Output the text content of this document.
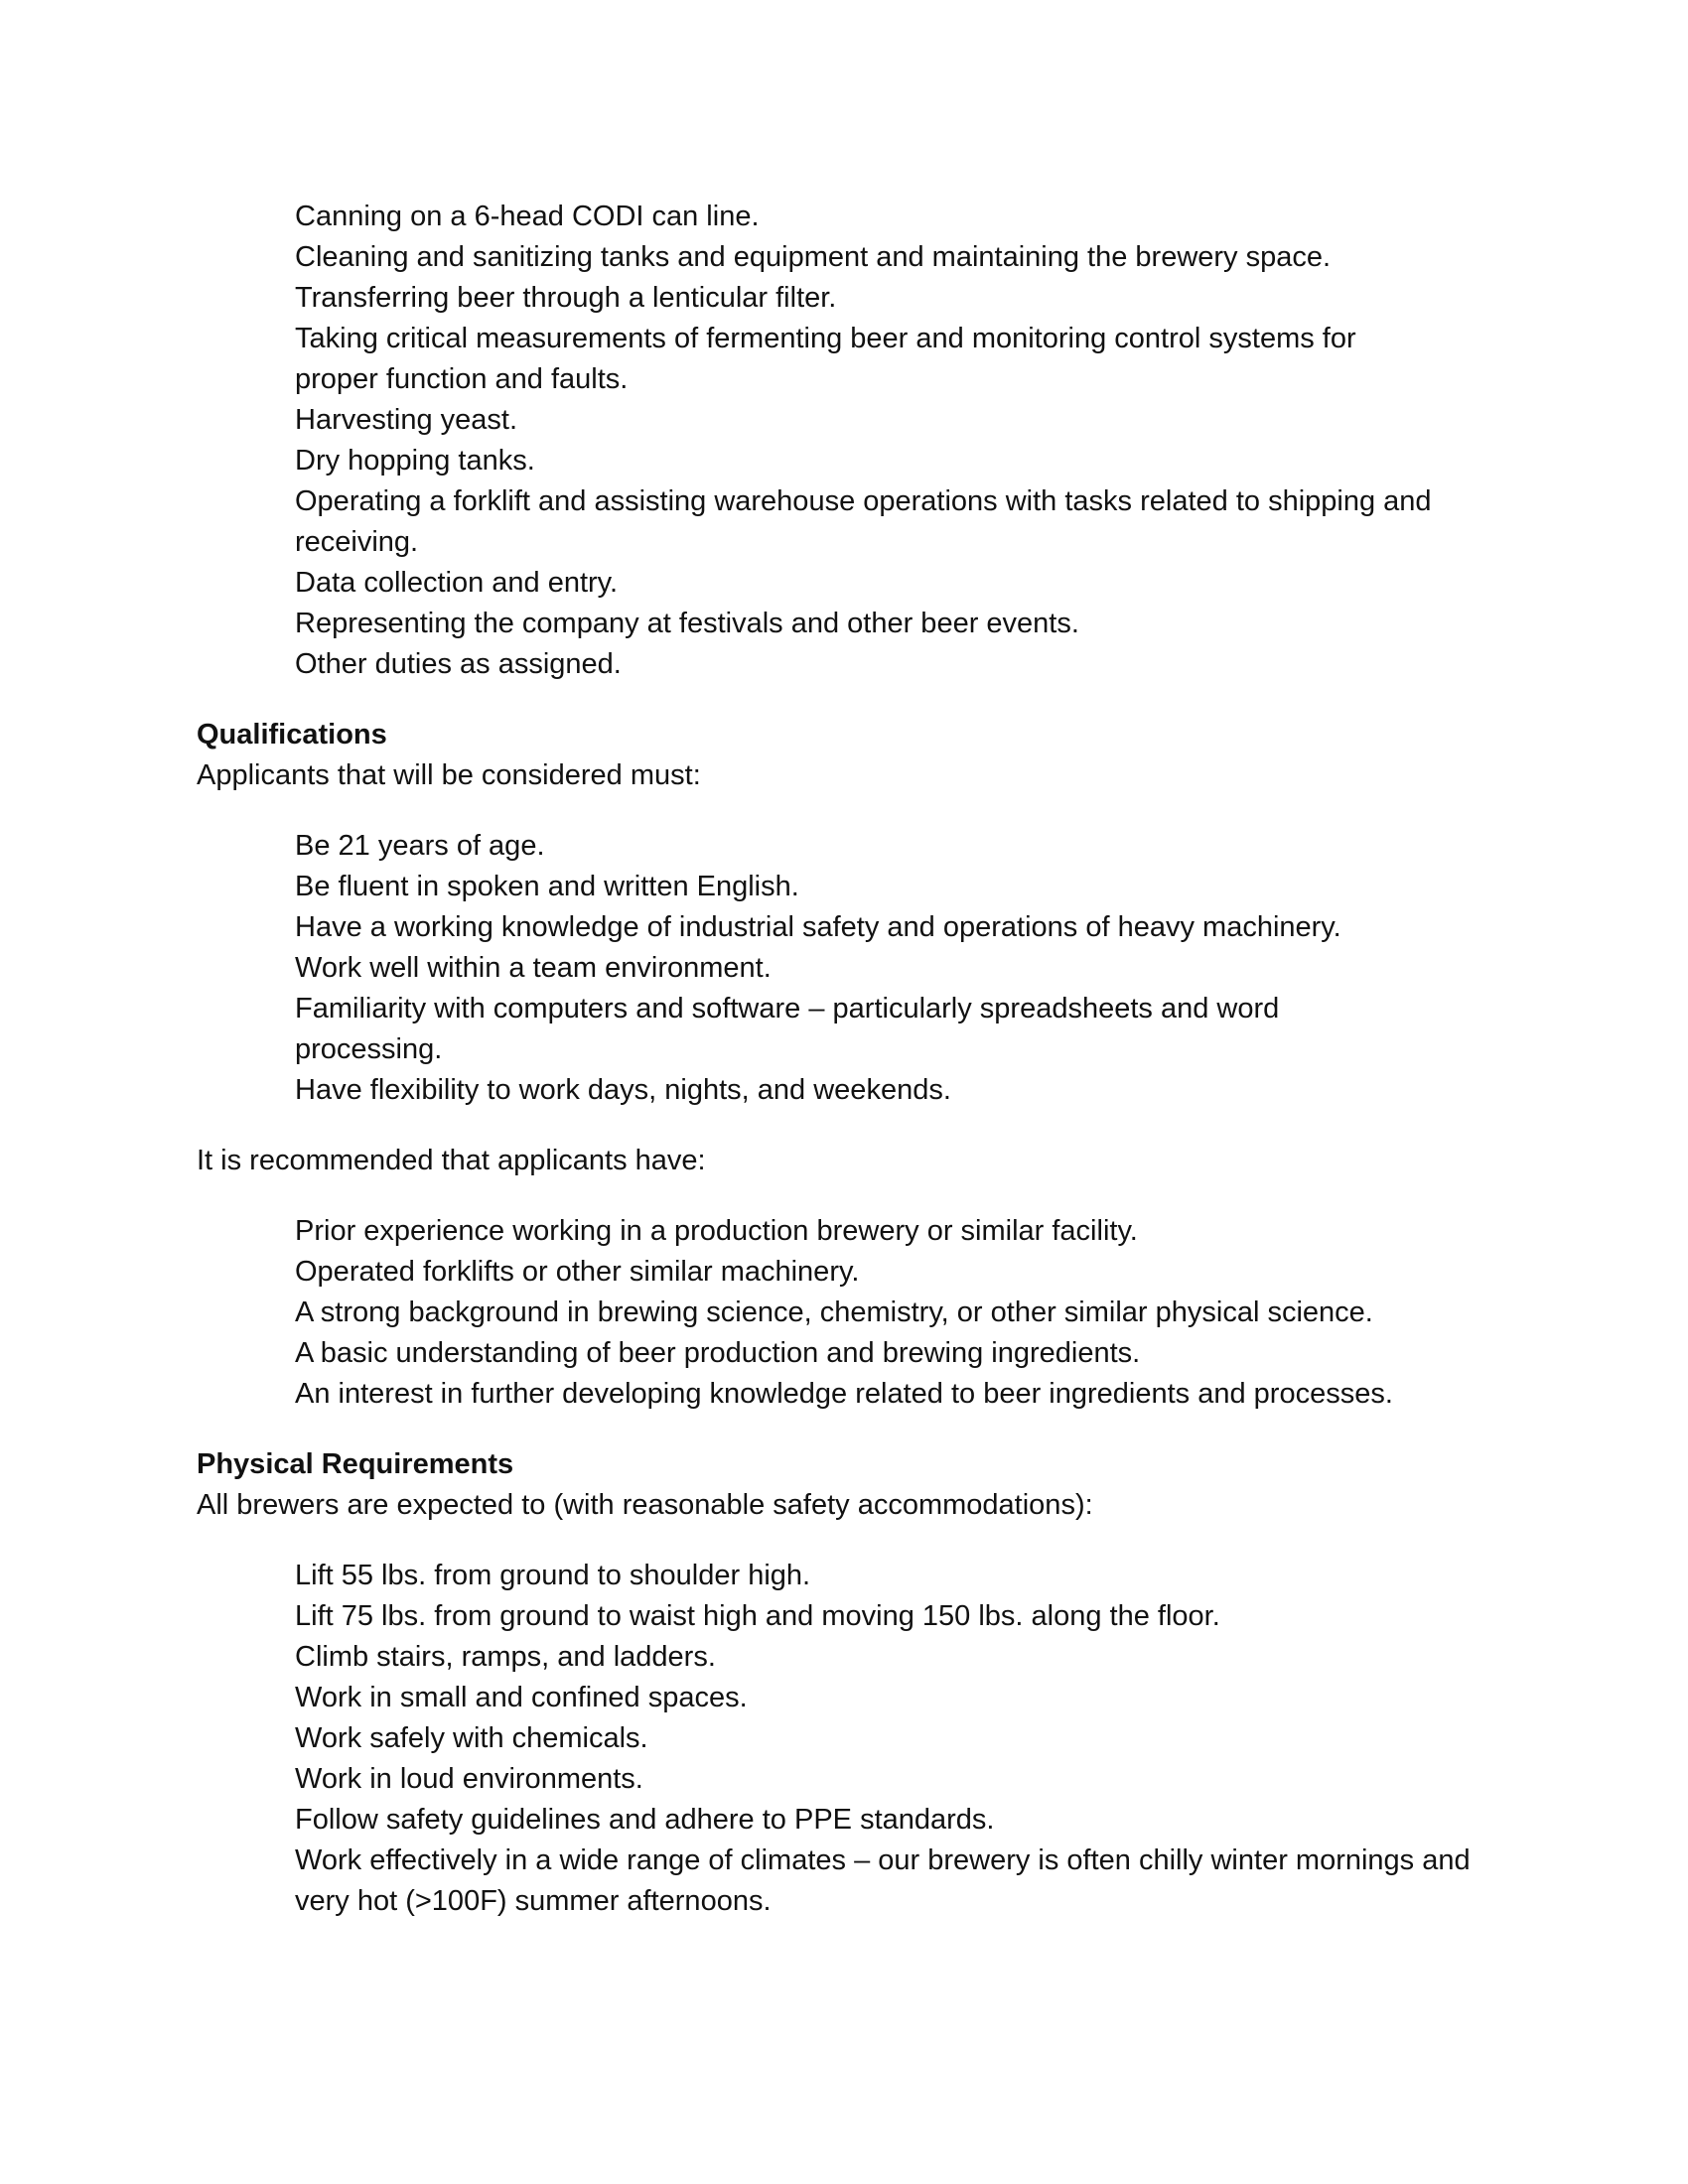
Canning on a 6-head CODI can line.
Cleaning and sanitizing tanks and equipment and maintaining the brewery space.
Transferring beer through a lenticular filter.
Taking critical measurements of fermenting beer and monitoring control systems for proper function and faults.
Harvesting yeast.
Dry hopping tanks.
Operating a forklift and assisting warehouse operations with tasks related to shipping and receiving.
Data collection and entry.
Representing the company at festivals and other beer events.
Other duties as assigned.

Qualifications

Applicants that will be considered must:

Be 21 years of age.
Be fluent in spoken and written English.
Have a working knowledge of industrial safety and operations of heavy machinery.
Work well within a team environment.
Familiarity with computers and software – particularly spreadsheets and word processing.
Have flexibility to work days, nights, and weekends.

It is recommended that applicants have:

Prior experience working in a production brewery or similar facility.
Operated forklifts or other similar machinery.
A strong background in brewing science, chemistry, or other similar physical science.
A basic understanding of beer production and brewing ingredients.
An interest in further developing knowledge related to beer ingredients and processes.

Physical Requirements

All brewers are expected to (with reasonable safety accommodations):

Lift 55 lbs. from ground to shoulder high.
Lift 75 lbs. from ground to waist high and moving 150 lbs. along the floor.
Climb stairs, ramps, and ladders.
Work in small and confined spaces.
Work safely with chemicals.
Work in loud environments.
Follow safety guidelines and adhere to PPE standards.
Work effectively in a wide range of climates – our brewery is often chilly winter mornings and very hot (>100F) summer afternoons.
